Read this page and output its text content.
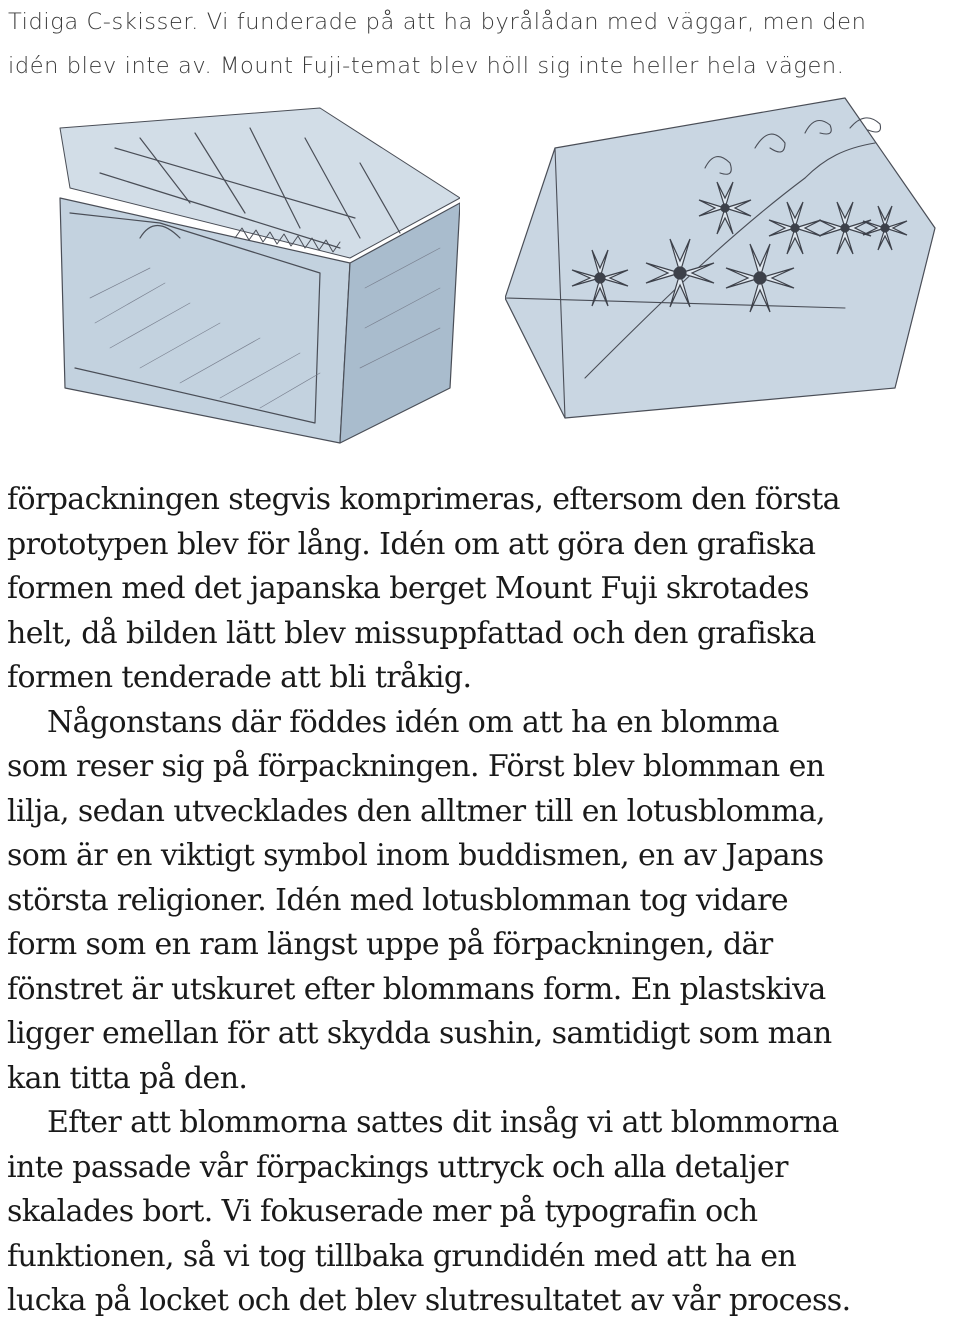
Tidiga C-skisser. Vi funderade på att ha byrålådan med väggar, men den
idén blev inte av. Mount Fuji-temat blev höll sig inte heller hela vägen.

förpackningen stegvis komprimeras, eftersom den första
prototypen blev för lång. Idén om att göra den grafiska
formen med det japanska berget Mount Fuji skrotades
helt, då bilden lätt blev missuppfattad och den grafiska
formen tenderade att bli tråkig.
Någonstans där föddes idén om att ha en blomma
som reser sig på förpackningen. Först blev blomman en
lilja, sedan utvecklades den alltmer till en lotusblomma,
som är en viktigt symbol inom buddismen, en av Japans
största religioner. Idén med lotusblomman tog vidare
form som en ram längst uppe på förpackningen, där
fönstret är utskuret efter blommans form. En plastskiva
ligger emellan för att skydda sushin, samtidigt som man
kan titta på den.
Efter att blommorna sattes dit insåg vi att blommorna
inte passade vår förpackings uttryck och alla detaljer
skalades bort. Vi fokuserade mer på typografin och
funktionen, så vi tog tillbaka grundidén med att ha en
lucka på locket och det blev slutresultatet av vår process.
